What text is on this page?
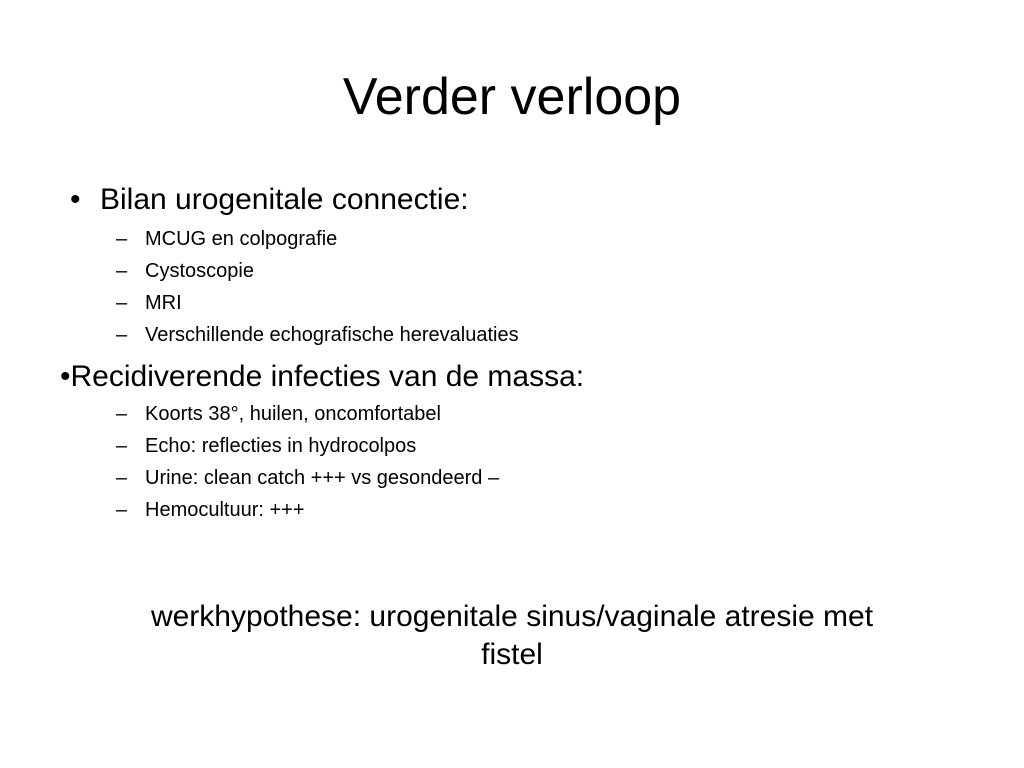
Verder verloop
• Bilan urogenitale connectie:
– MCUG en colpografie
– Cystoscopie
– MRI
– Verschillende echografische herevaluaties
•Recidiverende infecties van de massa:
– Koorts 38°, huilen, oncomfortabel
– Echo: reflecties in hydrocolpos
– Urine: clean catch +++ vs gesondeerd –
– Hemocultuur: +++
werkhypothese: urogenitale sinus/vaginale atresie met
fistel
